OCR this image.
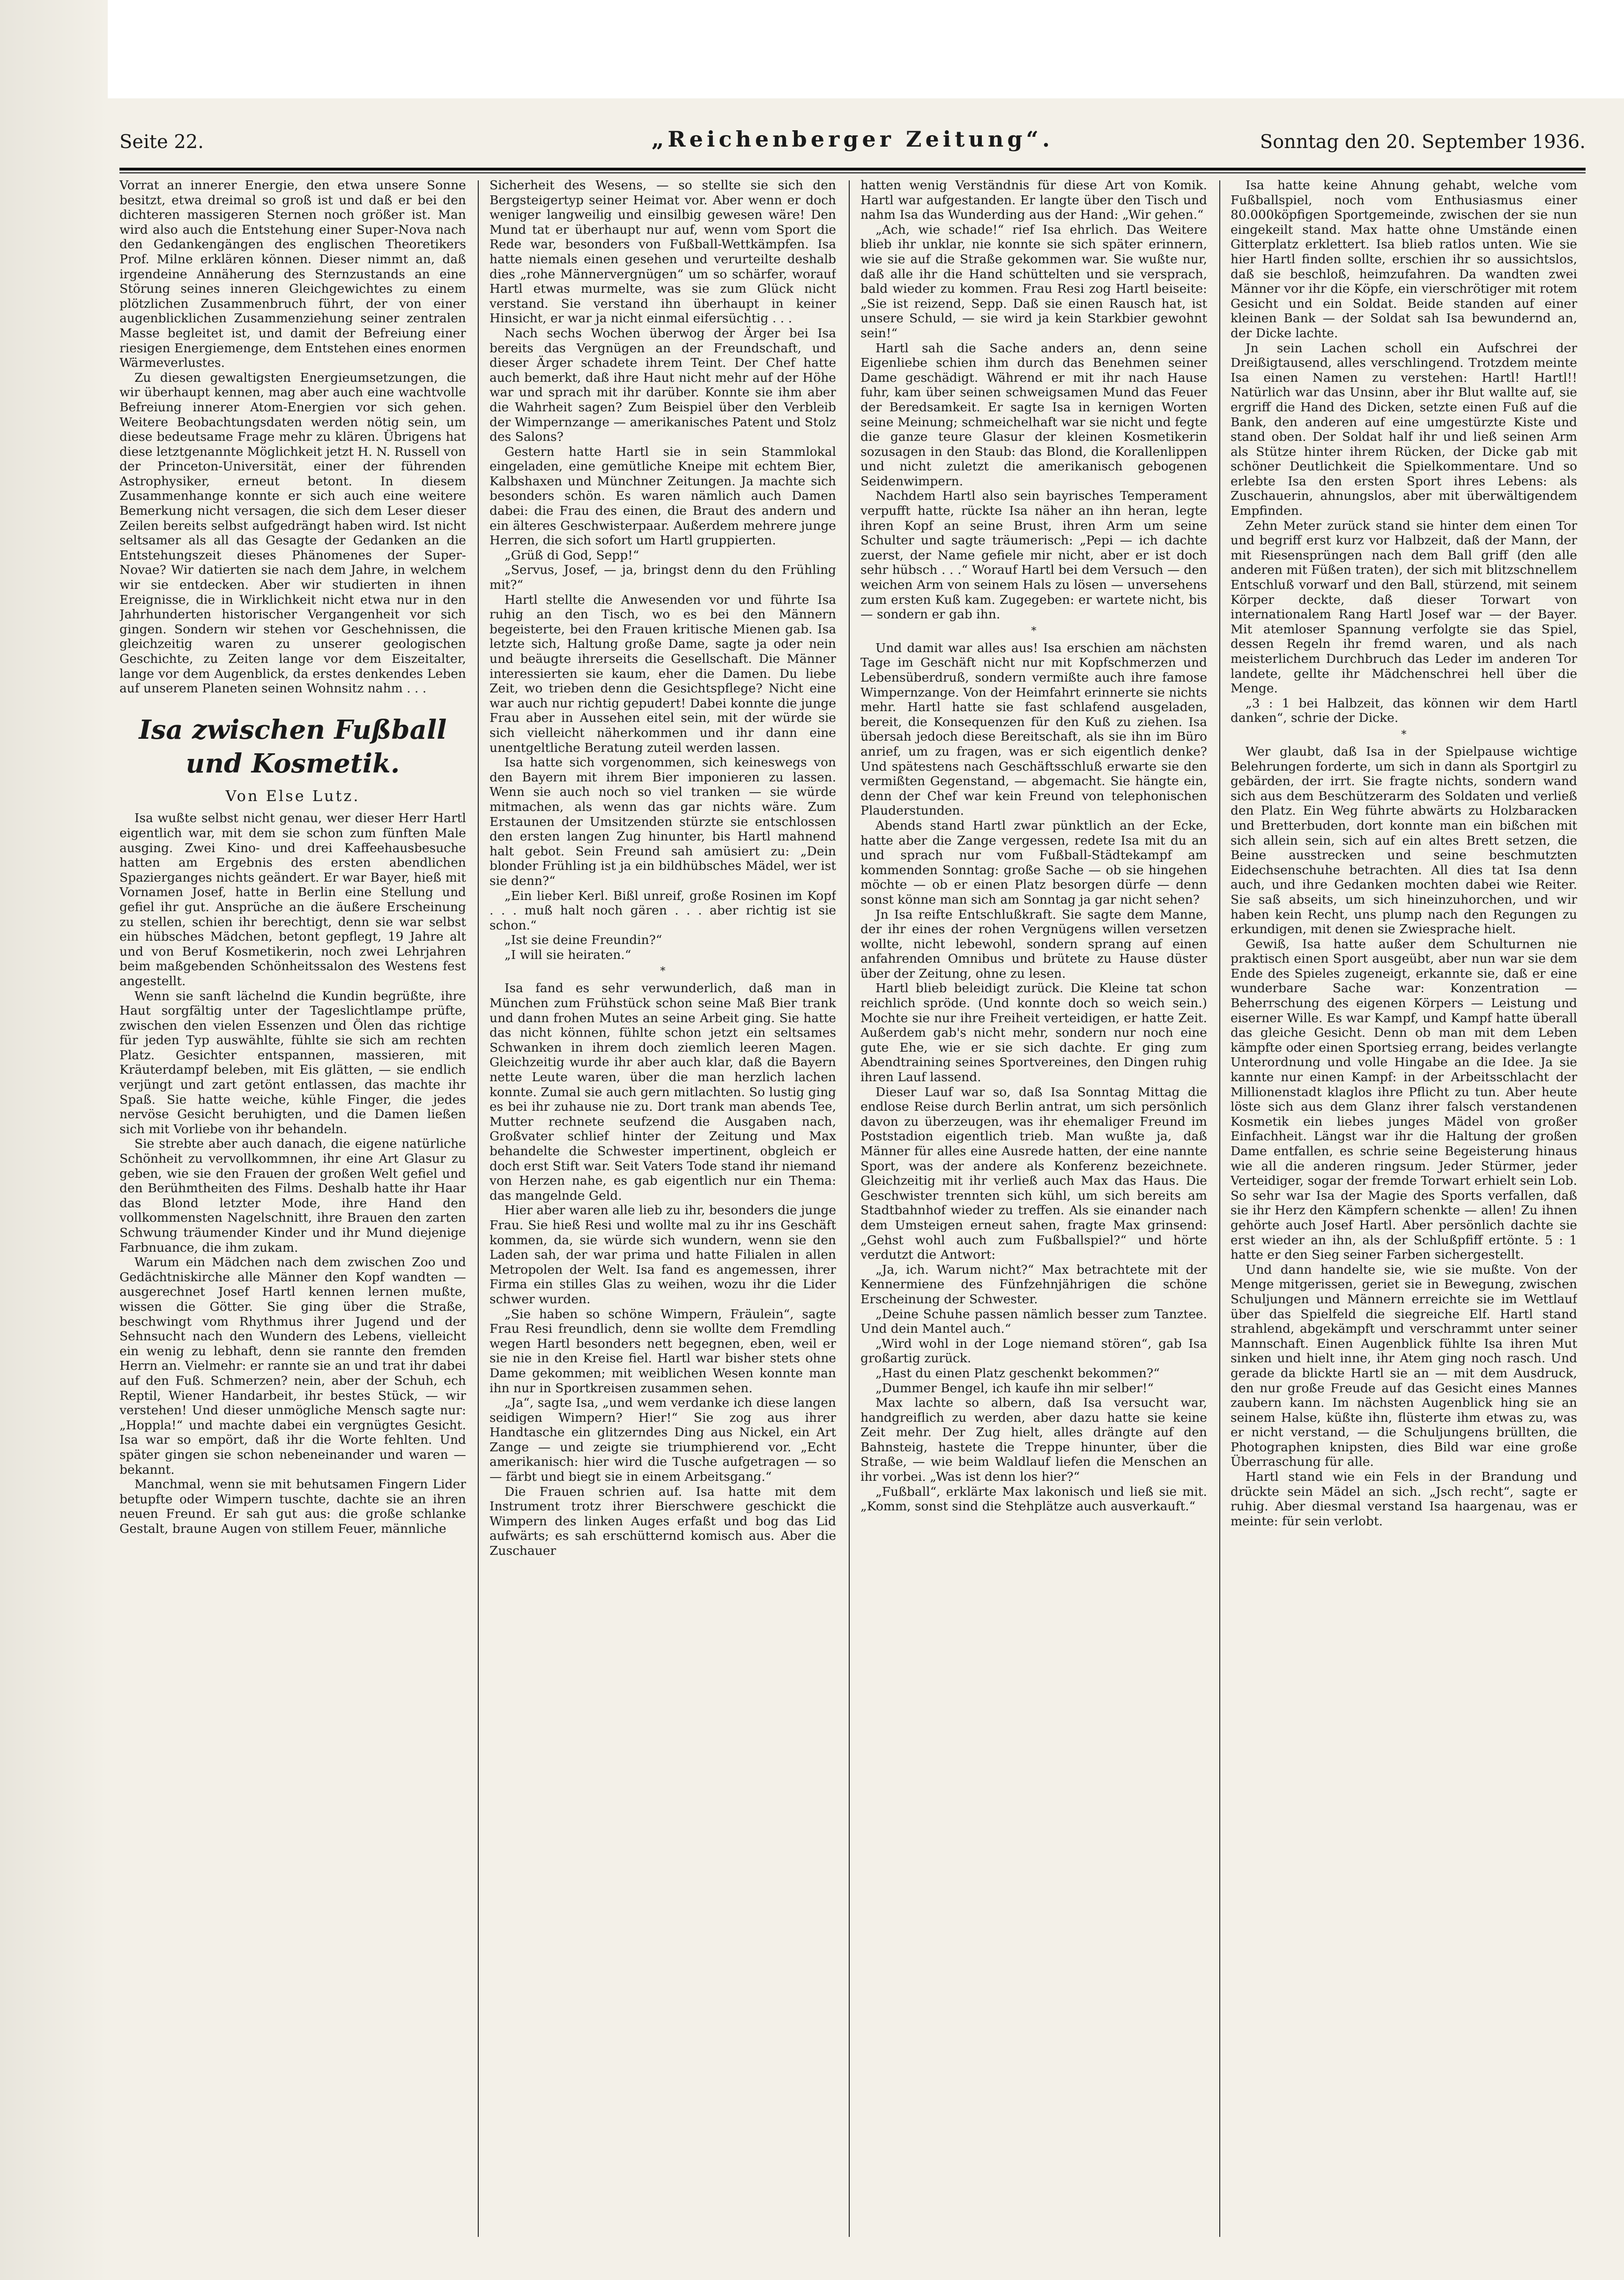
Seite 22.	„Reichenberger Zeitung“.	Sonntag den 20. September 1936.

Vorrat an innerer Energie, den etwa unsere Sonne besitzt, etwa dreimal so groß ist und daß er bei den dichteren massigeren Sternen noch größer ist. Man wird also auch die Entstehung einer Super-Nova nach den Gedankengängen des englischen Theoretikers Prof. Milne erklären können. Dieser nimmt an, daß irgendeine Annäherung des Sternzustands an eine Störung seines inneren Gleichgewichtes zu einem plötzlichen Zusammenbruch führt, der von einer augenblicklichen Zusammenziehung seiner zentralen Masse begleitet ist, und damit der Befreiung einer riesigen Energiemenge, dem Entstehen eines enormen Wärmeverlustes.

Zu diesen gewaltigsten Energieumsetzungen, die wir überhaupt kennen, mag aber auch eine wachtvolle Befreiung innerer Atom-Energien vor sich gehen. Weitere Beobachtungsdaten werden nötig sein, um diese bedeutsame Frage mehr zu klären. Übrigens hat diese letztgenannte Möglichkeit jetzt H. N. Russell von der Princeton-Universität, einer der führenden Astrophysiker, erneut betont. In diesem Zusammenhange konnte er sich auch eine weitere Bemerkung nicht versagen, die sich dem Leser dieser Zeilen bereits selbst aufgedrängt haben wird. Ist nicht seltsamer als all das Gesagte der Gedanken an die Entstehungszeit dieses Phänomenes der Super-Novae? Wir datierten sie nach dem Jahre, in welchem wir sie entdecken. Aber wir studierten in ihnen Ereignisse, die in Wirklichkeit nicht etwa nur in den Jahrhunderten historischer Vergangenheit vor sich gingen. Sondern wir stehen vor Geschehnissen, die gleichzeitig waren zu unserer geologischen Geschichte, zu Zeiten lange vor dem Eiszeitalter, lange vor dem Augenblick, da erstes denkendes Leben auf unserem Planeten seinen Wohnsitz nahm . . .

Isa zwischen Fußball und Kosmetik.
Von Else Lutz.

Isa wußte selbst nicht genau, wer dieser Herr Hartl eigentlich war, mit dem sie schon zum fünften Male ausging. Zwei Kino- und drei Kaffeehausbesuche hatten am Ergebnis des ersten abendlichen Spazierganges nichts geändert. Er war Bayer, hieß mit Vornamen Josef, hatte in Berlin eine Stellung und gefiel ihr gut. Ansprüche an die äußere Erscheinung zu stellen, schien ihr berechtigt, denn sie war selbst ein hübsches Mädchen, betont gepflegt, 19 Jahre alt und von Beruf Kosmetikerin, noch zwei Lehrjahren beim maßgebenden Schönheitssalon des Westens fest angestellt.

Wenn sie sanft lächelnd die Kundin begrüßte, ihre Haut sorgfältig unter der Tageslichtlampe prüfte, zwischen den vielen Essenzen und Ölen das richtige für jeden Typ auswählte, fühlte sie sich am rechten Platz. Gesichter entspannen, massieren, mit Kräuterdampf beleben, mit Eis glätten, — sie endlich verjüngt und zart getönt entlassen, das machte ihr Spaß. Sie hatte weiche, kühle Finger, die jedes nervöse Gesicht beruhigten, und die Damen ließen sich mit Vorliebe von ihr behandeln.

Sie strebte aber auch danach, die eigene natürliche Schönheit zu vervollkommnen, ihr eine Art Glasur zu geben, wie sie den Frauen der großen Welt gefiel und den Berühmtheiten des Films. Deshalb hatte ihr Haar das Blond letzter Mode, ihre Hand den vollkommensten Nagelschnitt, ihre Brauen den zarten Schwung träumender Kinder und ihr Mund diejenige Farbnuance, die ihm zukam.

Warum ein Mädchen nach dem zwischen Zoo und Gedächtniskirche alle Männer den Kopf wandten — ausgerechnet Josef Hartl kennen lernen mußte, wissen die Götter. Sie ging über die Straße, beschwingt vom Rhythmus ihrer Jugend und der Sehnsucht nach den Wundern des Lebens, vielleicht ein wenig zu lebhaft, denn sie rannte den fremden Herrn an. Vielmehr: er rannte sie an und trat ihr dabei auf den Fuß. Schmerzen? nein, aber der Schuh, ech Reptil, Wiener Handarbeit, ihr bestes Stück, — wir verstehen! Und dieser unmögliche Mensch sagte nur: „Hoppla!“ und machte dabei ein vergnügtes Gesicht. Isa war so empört, daß ihr die Worte fehlten. Und später gingen sie schon nebeneinander und waren — bekannt.

Manchmal, wenn sie mit behutsamen Fingern Lider betupfte oder Wimpern tuschte, dachte sie an ihren neuen Freund. Er sah gut aus: die große schlanke Gestalt, braune Augen von stillem Feuer, männliche

Sicherheit des Wesens, — so stellte sie sich den Bergsteigertyp seiner Heimat vor. Aber wenn er doch weniger langweilig und einsilbig gewesen wäre! Den Mund tat er überhaupt nur auf, wenn vom Sport die Rede war, besonders von Fußball-Wettkämpfen. Isa hatte niemals einen gesehen und verurteilte deshalb dies „rohe Männervergnügen“ um so schärfer, worauf Hartl etwas murmelte, was sie zum Glück nicht verstand. Sie verstand ihn überhaupt in keiner Hinsicht, er war ja nicht einmal eifersüchtig . . .

Nach sechs Wochen überwog der Ärger bei Isa bereits das Vergnügen an der Freundschaft, und dieser Ärger schadete ihrem Teint. Der Chef hatte auch bemerkt, daß ihre Haut nicht mehr auf der Höhe war und sprach mit ihr darüber. Konnte sie ihm aber die Wahrheit sagen? Zum Beispiel über den Verbleib der Wimpernzange — amerikanisches Patent und Stolz des Salons?

Gestern hatte Hartl sie in sein Stammlokal eingeladen, eine gemütliche Kneipe mit echtem Bier, Kalbshaxen und Münchner Zeitungen. Ja machte sich besonders schön. Es waren nämlich auch Damen dabei: die Frau des einen, die Braut des andern und ein älteres Geschwisterpaar. Außerdem mehrere junge Herren, die sich sofort um Hartl gruppierten.

„Grüß di God, Sepp!“

„Servus, Josef, — ja, bringst denn du den Frühling mit?“

Hartl stellte die Anwesenden vor und führte Isa ruhig an den Tisch, wo es bei den Männern begeisterte, bei den Frauen kritische Mienen gab. Isa letzte sich, Haltung große Dame, sagte ja oder nein und beäugte ihrerseits die Gesellschaft. Die Männer interessierten sie kaum, eher die Damen. Du liebe Zeit, wo trieben denn die Gesichtspflege? Nicht eine war auch nur richtig gepudert! Dabei konnte die junge Frau aber in Aussehen eitel sein, mit der würde sie sich vielleicht näherkommen und ihr dann eine unentgeltliche Beratung zuteil werden lassen.

Isa hatte sich vorgenommen, sich keineswegs von den Bayern mit ihrem Bier imponieren zu lassen. Wenn sie auch noch so viel tranken — sie würde mitmachen, als wenn das gar nichts wäre. Zum Erstaunen der Umsitzenden stürzte sie entschlossen den ersten langen Zug hinunter, bis Hartl mahnend halt gebot. Sein Freund sah amüsiert zu: „Dein blonder Frühling ist ja ein bildhübsches Mädel, wer ist sie denn?“

„Ein lieber Kerl. Bißl unreif, große Rosinen im Kopf . . . muß halt noch gären . . . aber richtig ist sie schon.“

„Ist sie deine Freundin?“

„I will sie heiraten.“

*

Isa fand es sehr verwunderlich, daß man in München zum Frühstück schon seine Maß Bier trank und dann frohen Mutes an seine Arbeit ging. Sie hatte das nicht können, fühlte schon jetzt ein seltsames Schwanken in ihrem doch ziemlich leeren Magen. Gleichzeitig wurde ihr aber auch klar, daß die Bayern nette Leute waren, über die man herzlich lachen konnte. Zumal sie auch gern mitlachten. So lustig ging es bei ihr zuhause nie zu. Dort trank man abends Tee, Mutter rechnete seufzend die Ausgaben nach, Großvater schlief hinter der Zeitung und Max behandelte die Schwester impertinent, obgleich er doch erst Stift war. Seit Vaters Tode stand ihr niemand von Herzen nahe, es gab eigentlich nur ein Thema: das mangelnde Geld.

Hier aber waren alle lieb zu ihr, besonders die junge Frau. Sie hieß Resi und wollte mal zu ihr ins Geschäft kommen, da, sie würde sich wundern, wenn sie den Laden sah, der war prima und hatte Filialen in allen Metropolen der Welt. Isa fand es angemessen, ihrer Firma ein stilles Glas zu weihen, wozu ihr die Lider schwer wurden.

„Sie haben so schöne Wimpern, Fräulein“, sagte Frau Resi freundlich, denn sie wollte dem Fremdling wegen Hartl besonders nett begegnen, eben, weil er sie nie in den Kreise fiel. Hartl war bisher stets ohne Dame gekommen; mit weiblichen Wesen konnte man ihn nur in Sportkreisen zusammen sehen.

„Ja“, sagte Isa, „und wem verdanke ich diese langen seidigen Wimpern? Hier!“ Sie zog aus ihrer Handtasche ein glitzerndes Ding aus Nickel, ein Art Zange — und zeigte sie triumphierend vor. „Echt amerikanisch: hier wird die Tusche aufgetragen — so — färbt und biegt sie in einem Arbeitsgang.“

Die Frauen schrien auf. Isa hatte mit dem Instrument trotz ihrer Bierschwere geschickt die Wimpern des linken Auges erfaßt und bog das Lid aufwärts; es sah erschütternd komisch aus. Aber die Zuschauer

hatten wenig Verständnis für diese Art von Komik. Hartl war aufgestanden. Er langte über den Tisch und nahm Isa das Wunderding aus der Hand: „Wir gehen.“

„Ach, wie schade!“ rief Isa ehrlich. Das Weitere blieb ihr unklar, nie konnte sie sich später erinnern, wie sie auf die Straße gekommen war. Sie wußte nur, daß alle ihr die Hand schüttelten und sie versprach, bald wieder zu kommen. Frau Resi zog Hartl beiseite: „Sie ist reizend, Sepp. Daß sie einen Rausch hat, ist unsere Schuld, — sie wird ja kein Starkbier gewohnt sein!“

Hartl sah die Sache anders an, denn seine Eigenliebe schien ihm durch das Benehmen seiner Dame geschädigt. Während er mit ihr nach Hause fuhr, kam über seinen schweigsamen Mund das Feuer der Beredsamkeit. Er sagte Isa in kernigen Worten seine Meinung; schmeichelhaft war sie nicht und fegte die ganze teure Glasur der kleinen Kosmetikerin sozusagen in den Staub: das Blond, die Korallenlippen und nicht zuletzt die amerikanisch gebogenen Seidenwimpern.

Nachdem Hartl also sein bayrisches Temperament verpufft hatte, rückte Isa näher an ihn heran, legte ihren Kopf an seine Brust, ihren Arm um seine Schulter und sagte träumerisch: „Pepi — ich dachte zuerst, der Name gefiele mir nicht, aber er ist doch sehr hübsch . . .“ Worauf Hartl bei dem Versuch — den weichen Arm von seinem Hals zu lösen — unversehens zum ersten Kuß kam. Zugegeben: er wartete nicht, bis — sondern er gab ihn.

*

Und damit war alles aus! Isa erschien am nächsten Tage im Geschäft nicht nur mit Kopfschmerzen und Lebensüberdruß, sondern vermißte auch ihre famose Wimpernzange. Von der Heimfahrt erinnerte sie nichts mehr. Hartl hatte sie fast schlafend ausgeladen, bereit, die Konsequenzen für den Kuß zu ziehen. Isa übersah jedoch diese Bereitschaft, als sie ihn im Büro anrief, um zu fragen, was er sich eigentlich denke? Und spätestens nach Geschäftsschluß erwarte sie den vermißten Gegenstand, — abgemacht. Sie hängte ein, denn der Chef war kein Freund von telephonischen Plauderstunden.

Abends stand Hartl zwar pünktlich an der Ecke, hatte aber die Zange vergessen, redete Isa mit du an und sprach nur vom Fußball-Städtekampf am kommenden Sonntag: große Sache — ob sie hingehen möchte — ob er einen Platz besorgen dürfe — denn sonst könne man sich am Sonntag ja gar nicht sehen?

Jn Isa reifte Entschlußkraft. Sie sagte dem Manne, der ihr eines der rohen Vergnügens willen versetzen wollte, nicht lebewohl, sondern sprang auf einen anfahrenden Omnibus und brütete zu Hause düster über der Zeitung, ohne zu lesen.

Hartl blieb beleidigt zurück. Die Kleine tat schon reichlich spröde. (Und konnte doch so weich sein.) Mochte sie nur ihre Freiheit verteidigen, er hatte Zeit. Außerdem gab's nicht mehr, sondern nur noch eine gute Ehe, wie er sie sich dachte. Er ging zum Abendtraining seines Sportvereines, den Dingen ruhig ihren Lauf lassend.

Dieser Lauf war so, daß Isa Sonntag Mittag die endlose Reise durch Berlin antrat, um sich persönlich davon zu überzeugen, was ihr ehemaliger Freund im Poststadion eigentlich trieb. Man wußte ja, daß Männer für alles eine Ausrede hatten, der eine nannte Sport, was der andere als Konferenz bezeichnete. Gleichzeitig mit ihr verließ auch Max das Haus. Die Geschwister trennten sich kühl, um sich bereits am Stadtbahnhof wieder zu treffen. Als sie einander nach dem Umsteigen erneut sahen, fragte Max grinsend: „Gehst wohl auch zum Fußballspiel?“ und hörte verdutzt die Antwort:

„Ja, ich. Warum nicht?“ Max betrachtete mit der Kennermiene des Fünfzehnjährigen die schöne Erscheinung der Schwester.

„Deine Schuhe passen nämlich besser zum Tanztee. Und dein Mantel auch.“

„Wird wohl in der Loge niemand stören“, gab Isa großartig zurück.

„Hast du einen Platz geschenkt bekommen?“

„Dummer Bengel, ich kaufe ihn mir selber!“

Max lachte so albern, daß Isa versucht war, handgreiflich zu werden, aber dazu hatte sie keine Zeit mehr. Der Zug hielt, alles drängte auf den Bahnsteig, hastete die Treppe hinunter, über die Straße, — wie beim Waldlauf liefen die Menschen an ihr vorbei. „Was ist denn los hier?“

„Fußball“, erklärte Max lakonisch und ließ sie mit. „Komm, sonst sind die Stehplätze auch ausverkauft.“

Isa hatte keine Ahnung gehabt, welche vom Fußballspiel, noch vom Enthusiasmus einer 80.000köpfigen Sportgemeinde, zwischen der sie nun eingekeilt stand. Max hatte ohne Umstände einen Gitterplatz erklettert. Isa blieb ratlos unten. Wie sie hier Hartl finden sollte, erschien ihr so aussichtslos, daß sie beschloß, heimzufahren. Da wandten zwei Männer vor ihr die Köpfe, ein vierschrötiger mit rotem Gesicht und ein Soldat. Beide standen auf einer kleinen Bank — der Soldat sah Isa bewundernd an, der Dicke lachte.

Jn sein Lachen scholl ein Aufschrei der Dreißigtausend, alles verschlingend. Trotzdem meinte Isa einen Namen zu verstehen: Hartl! Hartl!! Natürlich war das Unsinn, aber ihr Blut wallte auf, sie ergriff die Hand des Dicken, setzte einen Fuß auf die Bank, den anderen auf eine umgestürzte Kiste und stand oben. Der Soldat half ihr und ließ seinen Arm als Stütze hinter ihrem Rücken, der Dicke gab mit schöner Deutlichkeit die Spielkommentare. Und so erlebte Isa den ersten Sport ihres Lebens: als Zuschauerin, ahnungslos, aber mit überwältigendem Empfinden.

Zehn Meter zurück stand sie hinter dem einen Tor und begriff erst kurz vor Halbzeit, daß der Mann, der mit Riesensprüngen nach dem Ball griff (den alle anderen mit Füßen traten), der sich mit blitzschnellem Entschluß vorwarf und den Ball, stürzend, mit seinem Körper deckte, daß dieser Torwart von internationalem Rang Hartl Josef war — der Bayer. Mit atemloser Spannung verfolgte sie das Spiel, dessen Regeln ihr fremd waren, und als nach meisterlichem Durchbruch das Leder im anderen Tor landete, gellte ihr Mädchenschrei hell über die Menge.

„3 : 1 bei Halbzeit, das können wir dem Hartl danken“, schrie der Dicke.

*

Wer glaubt, daß Isa in der Spielpause wichtige Belehrungen forderte, um sich in dann als Sportgirl zu gebärden, der irrt. Sie fragte nichts, sondern wand sich aus dem Beschützerarm des Soldaten und verließ den Platz. Ein Weg führte abwärts zu Holzbaracken und Bretterbuden, dort konnte man ein bißchen mit sich allein sein, sich auf ein altes Brett setzen, die Beine ausstrecken und seine beschmutzten Eidechsenschuhe betrachten. All dies tat Isa denn auch, und ihre Gedanken mochten dabei wie Reiter. Sie saß abseits, um sich hineinzuhorchen, und wir haben kein Recht, uns plump nach den Regungen zu erkundigen, mit denen sie Zwiesprache hielt.

Gewiß, Isa hatte außer dem Schulturnen nie praktisch einen Sport ausgeübt, aber nun war sie dem Ende des Spieles zugeneigt, erkannte sie, daß er eine wunderbare Sache war: Konzentration — Beherrschung des eigenen Körpers — Leistung und eiserner Wille. Es war Kampf, und Kampf hatte überall das gleiche Gesicht. Denn ob man mit dem Leben kämpfte oder einen Sportsieg errang, beides verlangte Unterordnung und volle Hingabe an die Idee. Ja sie kannte nur einen Kampf: in der Arbeitsschlacht der Millionenstadt klaglos ihre Pflicht zu tun. Aber heute löste sich aus dem Glanz ihrer falsch verstandenen Kosmetik ein liebes junges Mädel von großer Einfachheit. Längst war ihr die Haltung der großen Dame entfallen, es schrie seine Begeisterung hinaus wie all die anderen ringsum. Jeder Stürmer, jeder Verteidiger, sogar der fremde Torwart erhielt sein Lob. So sehr war Isa der Magie des Sports verfallen, daß sie ihr Herz den Kämpfern schenkte — allen! Zu ihnen gehörte auch Josef Hartl. Aber persönlich dachte sie erst wieder an ihn, als der Schlußpfiff ertönte. 5 : 1 hatte er den Sieg seiner Farben sichergestellt.

Und dann handelte sie, wie sie mußte. Von der Menge mitgerissen, geriet sie in Bewegung, zwischen Schuljungen und Männern erreichte sie im Wettlauf über das Spielfeld die siegreiche Elf. Hartl stand strahlend, abgekämpft und verschrammt unter seiner Mannschaft. Einen Augenblick fühlte Isa ihren Mut sinken und hielt inne, ihr Atem ging noch rasch. Und gerade da blickte Hartl sie an — mit dem Ausdruck, den nur große Freude auf das Gesicht eines Mannes zaubern kann. Im nächsten Augenblick hing sie an seinem Halse, küßte ihn, flüsterte ihm etwas zu, was er nicht verstand, — die Schuljungens brüllten, die Photographen knipsten, dies Bild war eine große Überraschung für alle.

Hartl stand wie ein Fels in der Brandung und drückte sein Mädel an sich. „Jsch recht“, sagte er ruhig. Aber diesmal verstand Isa haargenau, was er meinte: für sein verlobt.
